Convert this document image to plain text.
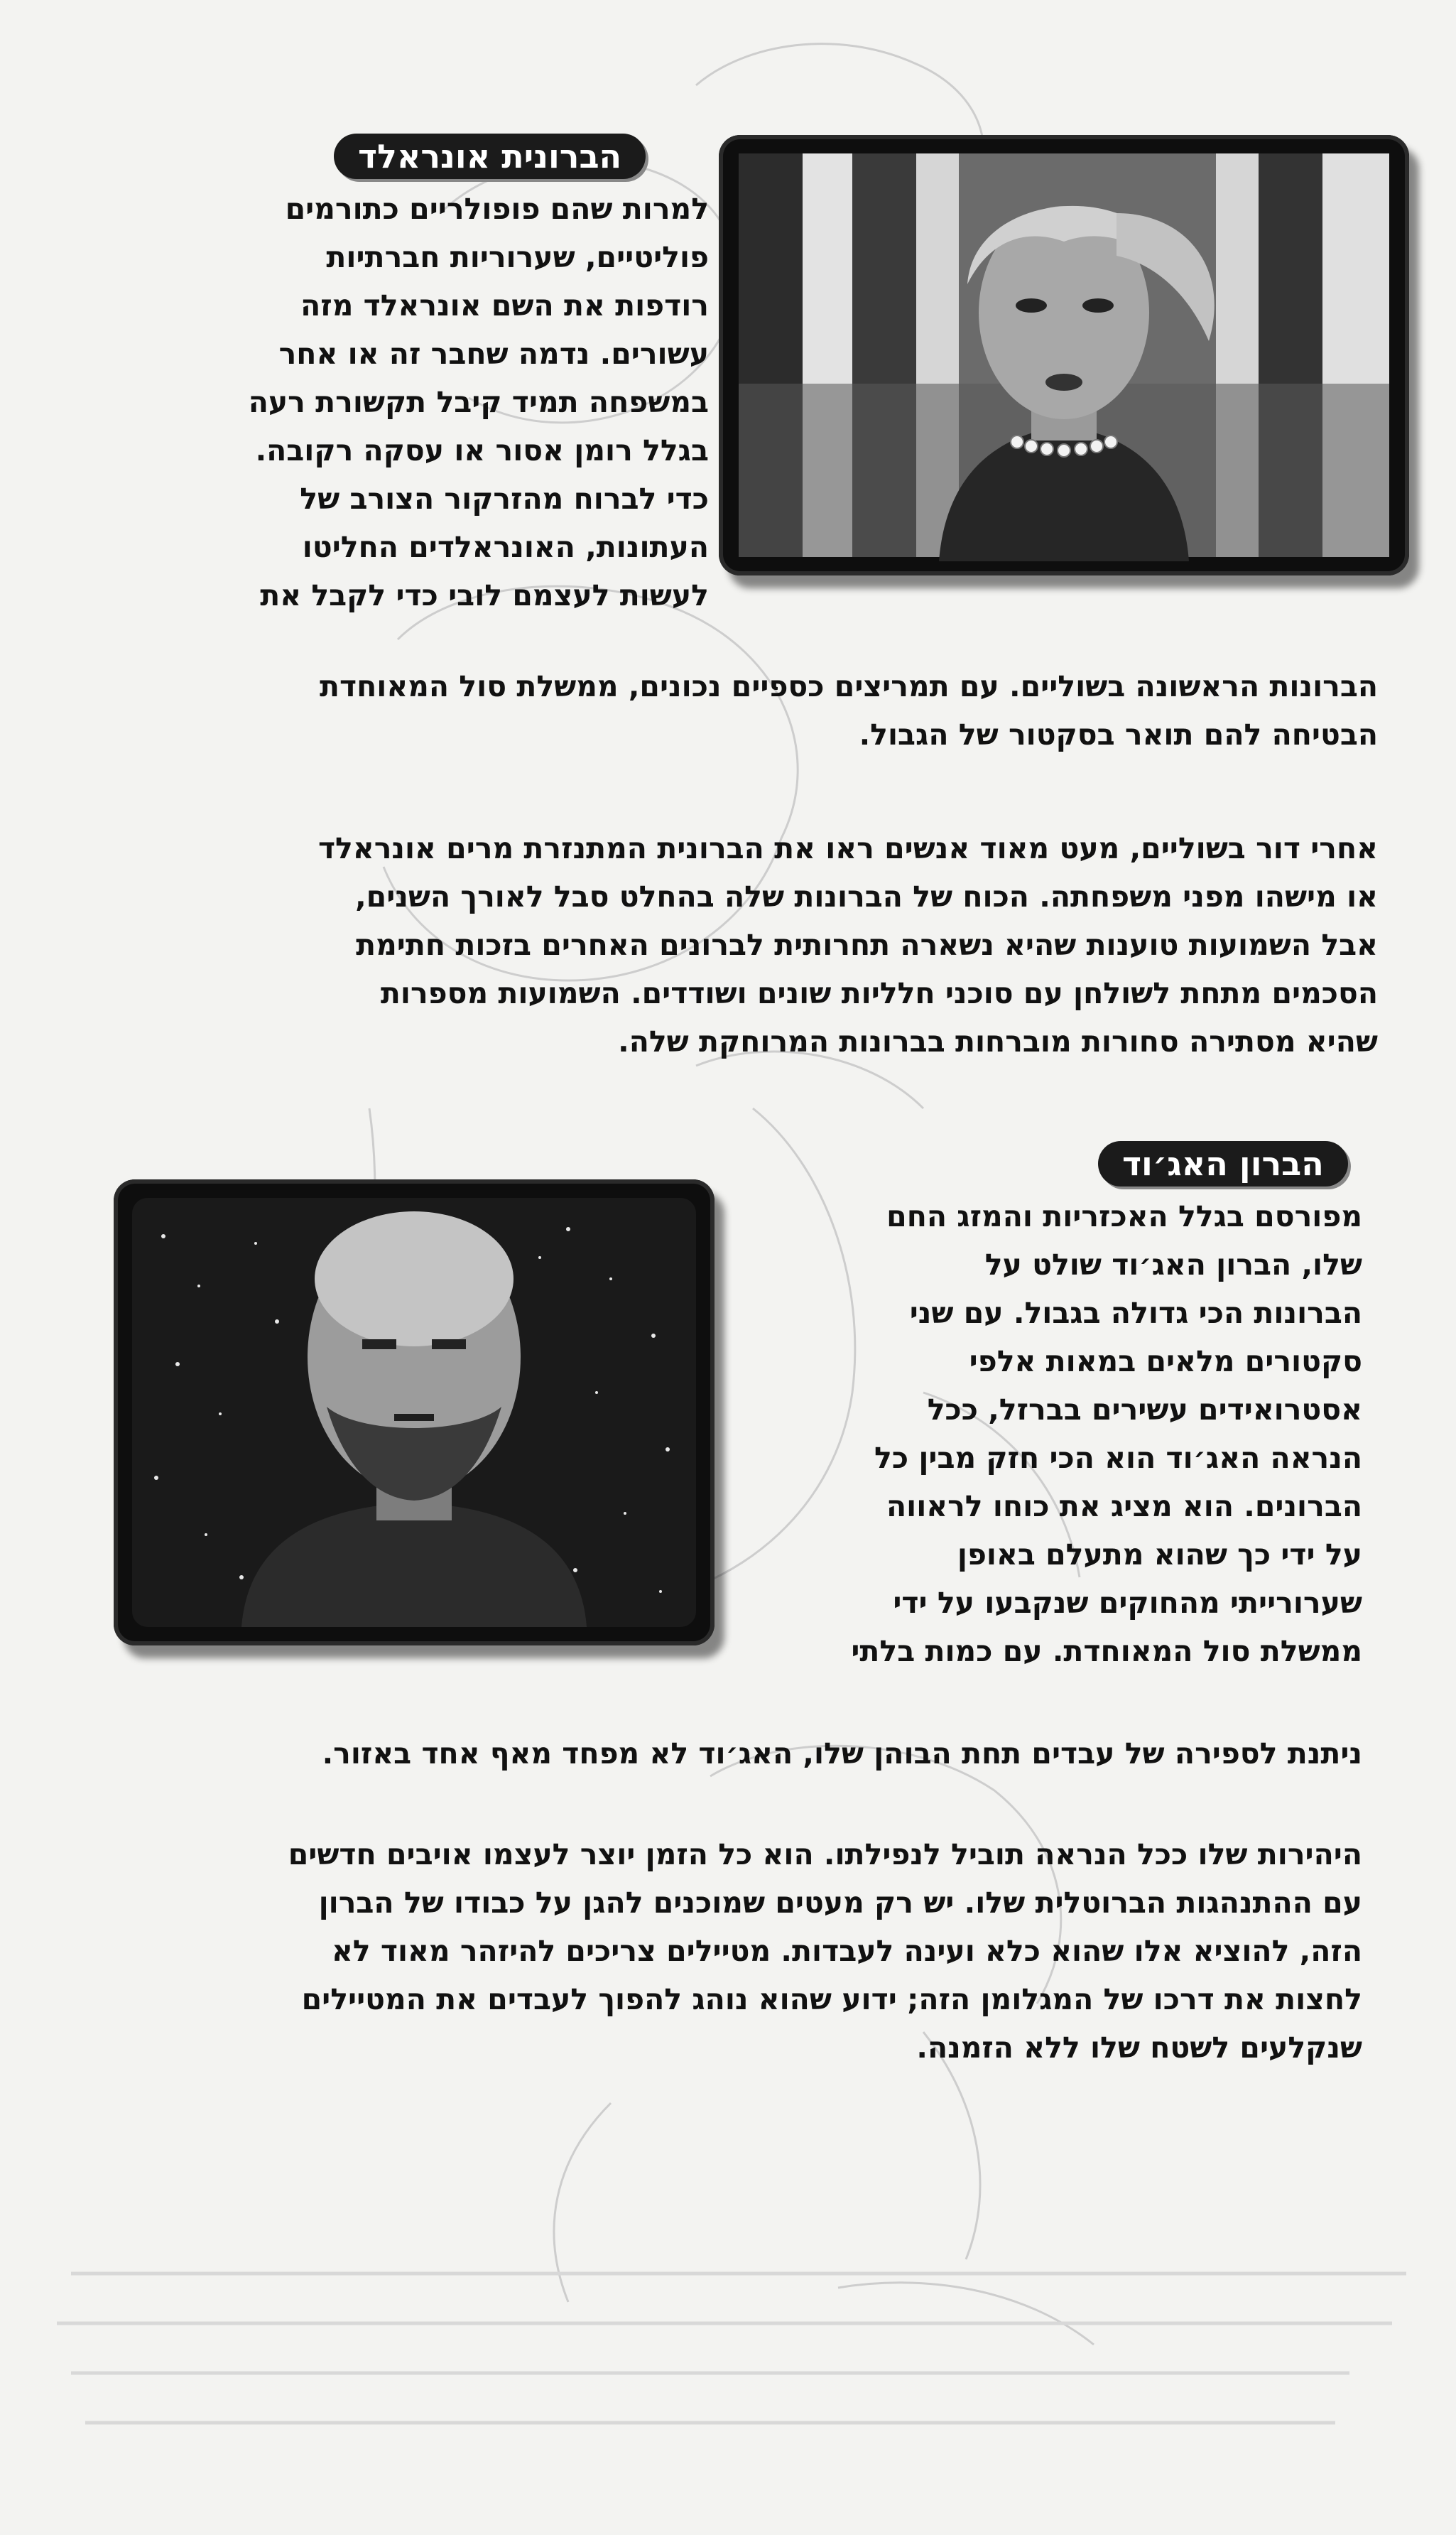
הברונית אונראלד
למרות שהם פופולריים כתורמים
פוליטיים, שערוריות חברתיות
רודפות את השם אונראלד מזה
עשורים. נדמה שחבר זה או אחר
במשפחה תמיד קיבל תקשורת רעה
בגלל רומן אסור או עסקה רקובה.
כדי לברוח מהזרקור הצורב של
העתונות, האונראלדים החליטו
לעשות לעצמם לובי כדי לקבל את
הברונות הראשונה בשוליים. עם תמריצים כספיים נכונים, ממשלת סול המאוחדת
הבטיחה להם תואר בסקטור של הגבול.
אחרי דור בשוליים, מעט מאוד אנשים ראו את הברונית המתנזרת מרים אונראלד
או מישהו מפני משפחתה. הכוח של הברונות שלה בהחלט סבל לאורך השנים,
אבל השמועות טוענות שהיא נשארה תחרותית לברונים האחרים בזכות חתימת
הסכמים מתחת לשולחן עם סוכני חלליות שונים ושודדים. השמועות מספרות
שהיא מסתירה סחורות מוברחות בברונות המרוחקת שלה.
הברון האג׳וד
מפורסם בגלל האכזריות והמזג החם
שלו, הברון האג׳וד שולט על
הברונות הכי גדולה בגבול. עם שני
סקטורים מלאים במאות אלפי
אסטרואידים עשירים בברזל, ככל
הנראה האג׳וד הוא הכי חזק מבין כל
הברונים. הוא מציג את כוחו לראווה
על ידי כך שהוא מתעלם באופן
שערורייתי מהחוקים שנקבעו על ידי
ממשלת סול המאוחדת. עם כמות בלתי
ניתנת לספירה של עבדים תחת הבוהן שלו, האג׳וד לא מפחד מאף אחד באזור.
היהירות שלו ככל הנראה תוביל לנפילתו. הוא כל הזמן יוצר לעצמו אויבים חדשים
עם ההתנהגות הברוטלית שלו. יש רק מעטים שמוכנים להגן על כבודו של הברון
הזה, להוציא אלו שהוא כלא ועינה לעבדות. מטיילים צריכים להיזהר מאוד לא
לחצות את דרכו של המגלומן הזה; ידוע שהוא נוהג להפוך לעבדים את המטיילים
שנקלעים לשטח שלו ללא הזמנה.
